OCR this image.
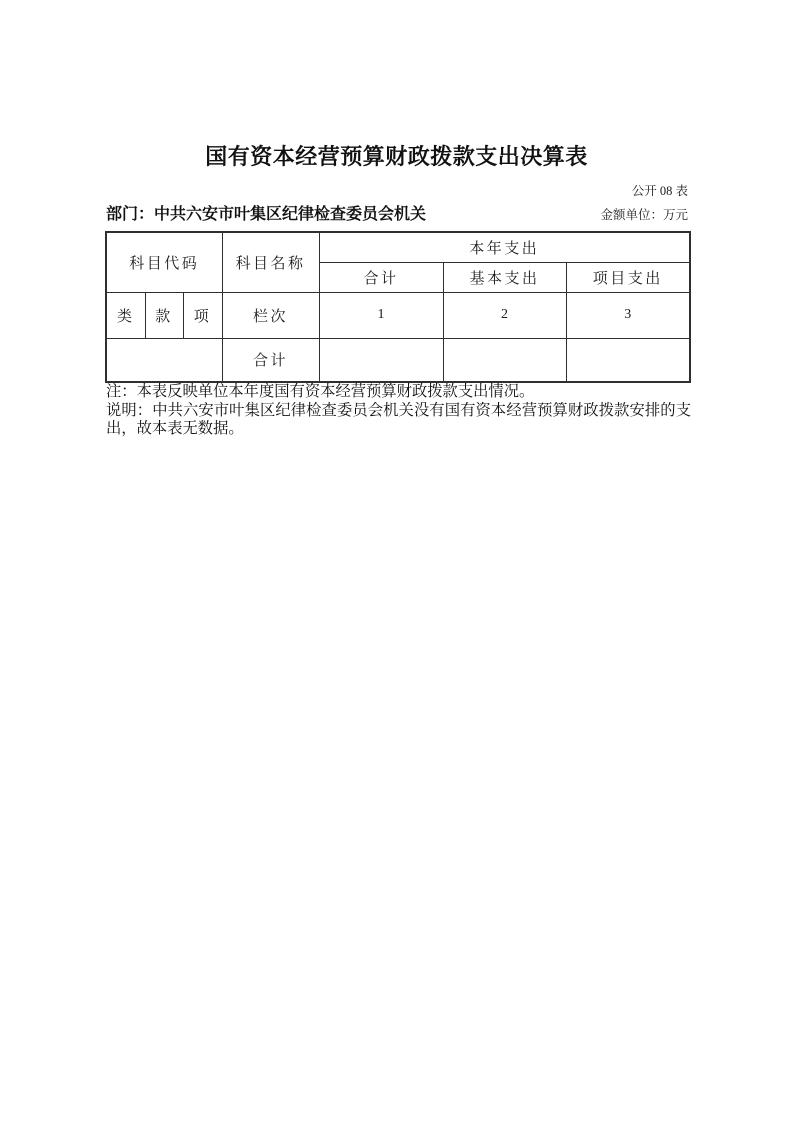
国有资本经营预算财政拨款支出决算表
公开 08 表
部门：中共六安市叶集区纪律检查委员会机关	金额单位：万元
科目代码			科目名称	本年支出		
				合计	基本支出	项目支出
类	款	项	栏次	1	2	3
			合计			
注：本表反映单位本年度国有资本经营预算财政拨款支出情况。
说明：中共六安市叶集区纪律检查委员会机关没有国有资本经营预算财政拨款安排的支出，故本表无数据。
